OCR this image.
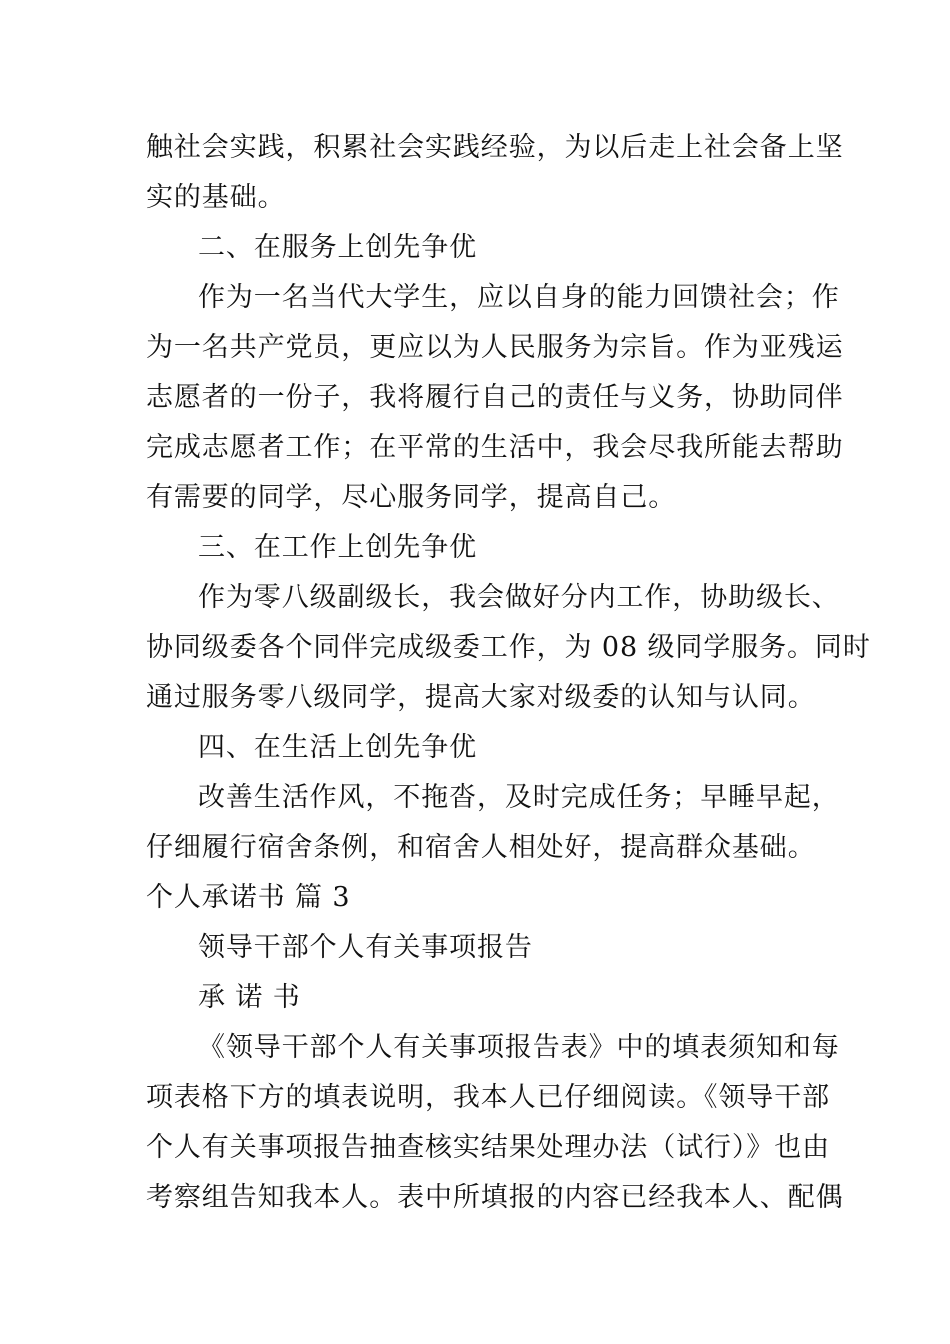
触社会实践，积累社会实践经验，为以后走上社会备上坚
实的基础。
二、在服务上创先争优
作为一名当代大学生，应以自身的能力回馈社会；作
为一名共产党员，更应以为人民服务为宗旨。作为亚残运
志愿者的一份子，我将履行自己的责任与义务，协助同伴
完成志愿者工作；在平常的生活中，我会尽我所能去帮助
有需要的同学，尽心服务同学，提高自己。
三、在工作上创先争优
作为零八级副级长，我会做好分内工作，协助级长、
协同级委各个同伴完成级委工作，为 08 级同学服务。同时
通过服务零八级同学，提高大家对级委的认知与认同。
四、在生活上创先争优
改善生活作风，不拖沓，及时完成任务；早睡早起，
仔细履行宿舍条例，和宿舍人相处好，提高群众基础。
个人承诺书 篇 3
领导干部个人有关事项报告
承 诺 书
《领导干部个人有关事项报告表》中的填表须知和每
项表格下方的填表说明，我本人已仔细阅读。《领导干部
个人有关事项报告抽查核实结果处理办法（试行）》也由
考察组告知我本人。表中所填报的内容已经我本人、配偶
